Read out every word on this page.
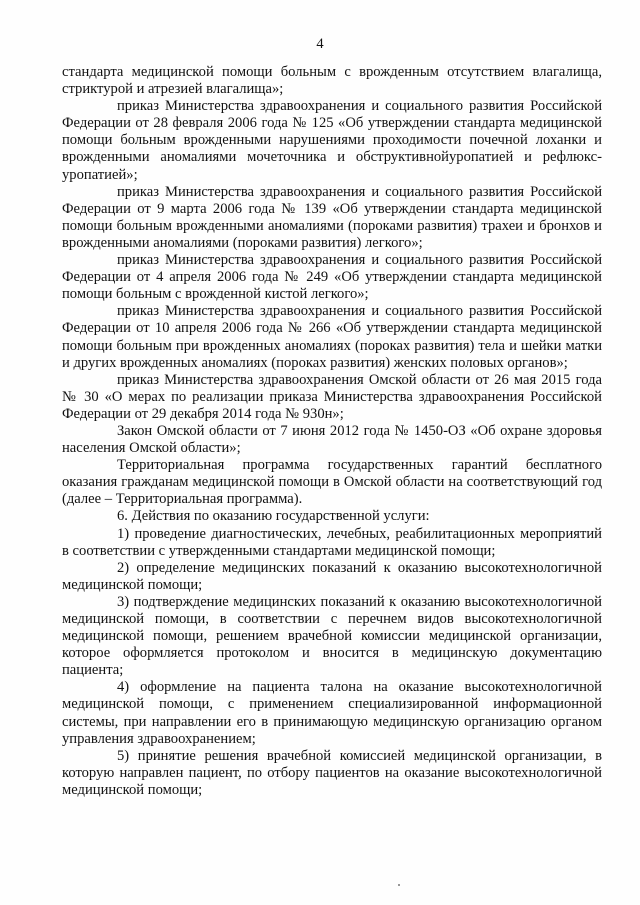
4

стандарта медицинской помощи больным с врожденным отсутствием влагалища, стриктурой и атрезией влагалища»;

приказ Министерства здравоохранения и социального развития Российской Федерации от 28 февраля 2006 года № 125 «Об утверждении стандарта медицинской помощи больным врожденными нарушениями проходимости почечной лоханки и врожденными аномалиями мочеточника и обструктивнойуропатией и рефлюкс-уропатией»;

приказ Министерства здравоохранения и социального развития Российской Федерации от 9 марта 2006 года № 139 «Об утверждении стандарта медицинской помощи больным врожденными аномалиями (пороками развития) трахеи и бронхов и врожденными аномалиями (пороками развития) легкого»;

приказ Министерства здравоохранения и социального развития Российской Федерации от 4 апреля 2006 года № 249 «Об утверждении стандарта медицинской помощи больным с врожденной кистой легкого»;

приказ Министерства здравоохранения и социального развития Российской Федерации от 10 апреля 2006 года № 266 «Об утверждении стандарта медицинской помощи больным при врожденных аномалиях (пороках развития) тела и шейки матки и других врожденных аномалиях (пороках развития) женских половых органов»;

приказ Министерства здравоохранения Омской области от 26 мая 2015 года № 30 «О мерах по реализации приказа Министерства здравоохранения Российской Федерации от 29 декабря 2014 года № 930н»;

Закон Омской области от 7 июня 2012 года № 1450-ОЗ «Об охране здоровья населения Омской области»;

Территориальная программа государственных гарантий бесплатного оказания гражданам медицинской помощи в Омской области на соответствующий год (далее – Территориальная программа).

6. Действия по оказанию государственной услуги:

1) проведение диагностических, лечебных, реабилитационных мероприятий в соответствии с утвержденными стандартами медицинской помощи;

2) определение медицинских показаний к оказанию высокотехнологичной медицинской помощи;

3) подтверждение медицинских показаний к оказанию высокотехнологичной медицинской помощи, в соответствии с перечнем видов высокотехнологичной медицинской помощи, решением врачебной комиссии медицинской организации, которое оформляется протоколом и вносится в медицинскую документацию пациента;

4) оформление на пациента талона на оказание высокотехнологичной медицинской помощи, с применением специализированной информационной системы, при направлении его в принимающую медицинскую организацию органом управления здравоохранением;

5) принятие решения врачебной комиссией медицинской организации, в которую направлен пациент, по отбору пациентов на оказание высокотехнологичной медицинской помощи;
